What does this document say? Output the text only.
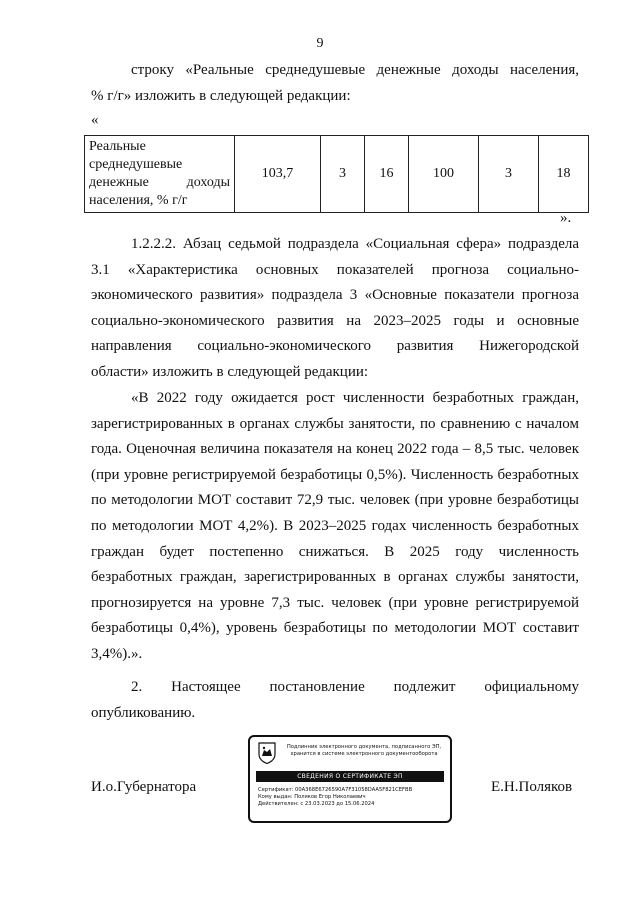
9

строку «Реальные среднедушевые денежные доходы населения,

% г/г» изложить в следующей редакции:

«
Реальные
среднедушевые
денежные доходы
населения, % г/г
	103,7	3	16	100	3	18
».

1.2.2.2. Абзац седьмой подраздела «Социальная сфера» подраздела

3.1 «Характеристика основных показателей прогноза социально-

экономического развития» подраздела 3 «Основные показатели прогноза

социально-экономического развития на 2023–2025 годы и основные

направления социально-экономического развития Нижегородской

области» изложить в следующей редакции:

«В 2022 году ожидается рост численности безработных граждан,

зарегистрированных в органах службы занятости, по сравнению с началом

года. Оценочная величина показателя на конец 2022 года – 8,5 тыс. человек

(при уровне регистрируемой безработицы 0,5%). Численность безработных

по методологии МОТ составит 72,9 тыс. человек (при уровне безработицы

по методологии МОТ 4,2%). В 2023–2025 годах численность безработных

граждан будет постепенно снижаться. В 2025 году численность

безработных граждан, зарегистрированных в органах службы занятости,

прогнозируется на уровне 7,3 тыс. человек (при уровне регистрируемой

безработицы 0,4%), уровень безработицы по методологии МОТ составит

3,4%).».

2. Настоящее постановление подлежит официальному

опубликованию.

И.о.Губернатора	Е.Н.Поляков
Подлинник электронного документа, подписанного ЭП,
хранится в системе электронного документооборота
СВЕДЕНИЯ О СЕРТИФИКАТЕ ЭП
Сертификат: 00A368E6726590A7F31058DAA5F821CEFBB
Кому выдан: Поляков Егор Николаевич
Действителен: с 23.03.2023 до 15.06.2024
